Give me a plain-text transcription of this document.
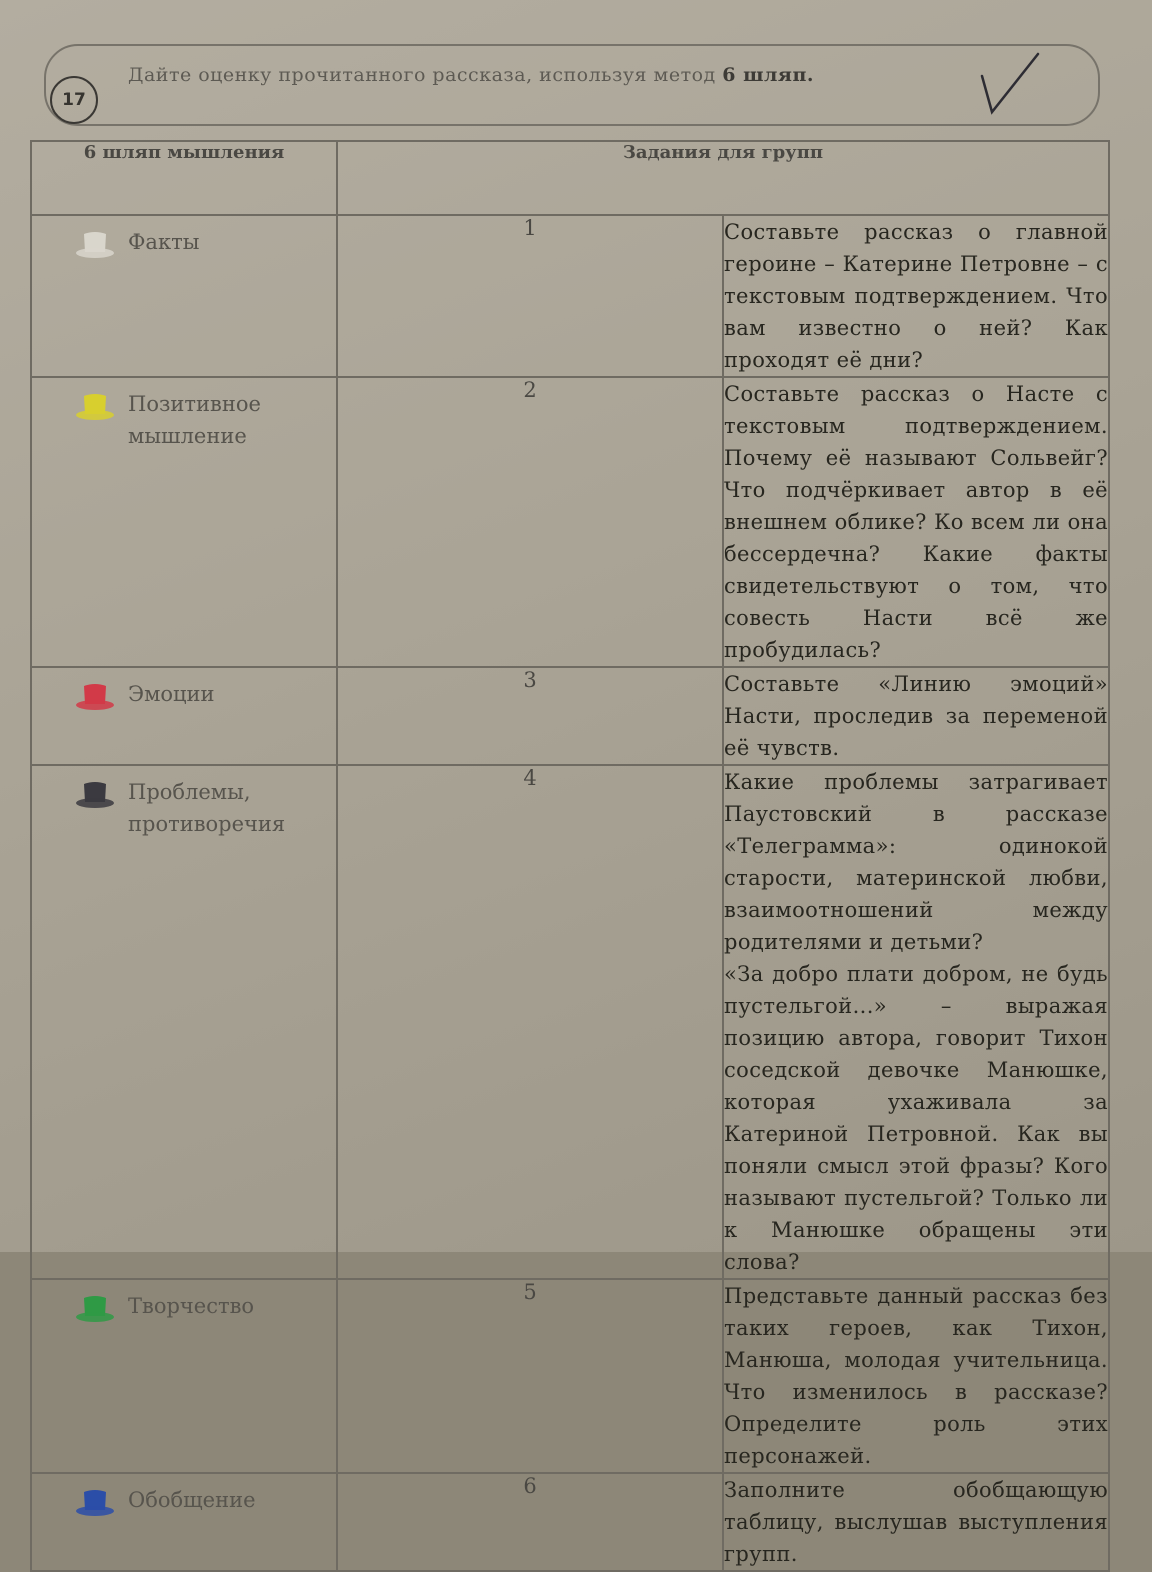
17
Дайте оценку прочитанного рассказа, используя метод 6 шляп.
6 шляп мышления	Задания для групп	

Факты	1	Составьте рассказ о главной героине – Катерине Петровне – с текстовым подтверждением. Что вам известно о ней? Как проходят её дни?

Позитивное мышление	2	Составьте рассказ о Насте с текстовым подтверждением. Почему её называют Сольвейг? Что подчёркивает автор в её внешнем облике? Ко всем ли она бессердечна? Какие факты свидетельствуют о том, что совесть Насти всё же пробудилась?

Эмоции	3	Составьте «Линию эмоций» Насти, проследив за переменой её чувств.

Проблемы, противоречия	4	Какие проблемы затрагивает Паустовский в рассказе «Телеграмма»: одинокой старости, материнской любви, взаимоотношений между родителями и детьми?
«За добро плати добром, не будь пустельгой...» – выражая позицию автора, говорит Тихон соседской девочке Манюшке, которая ухаживала за Катериной Петровной. Как вы поняли смысл этой фразы? Кого называют пустельгой? Только ли к Манюшке обращены эти слова?

Творчество	5	Представьте данный рассказ без таких героев, как Тихон, Манюша, молодая учительница. Что изменилось в рассказе? Определите роль этих персонажей.

Обобщение	6	Заполните обобщающую таблицу, выслушав выступления групп.
